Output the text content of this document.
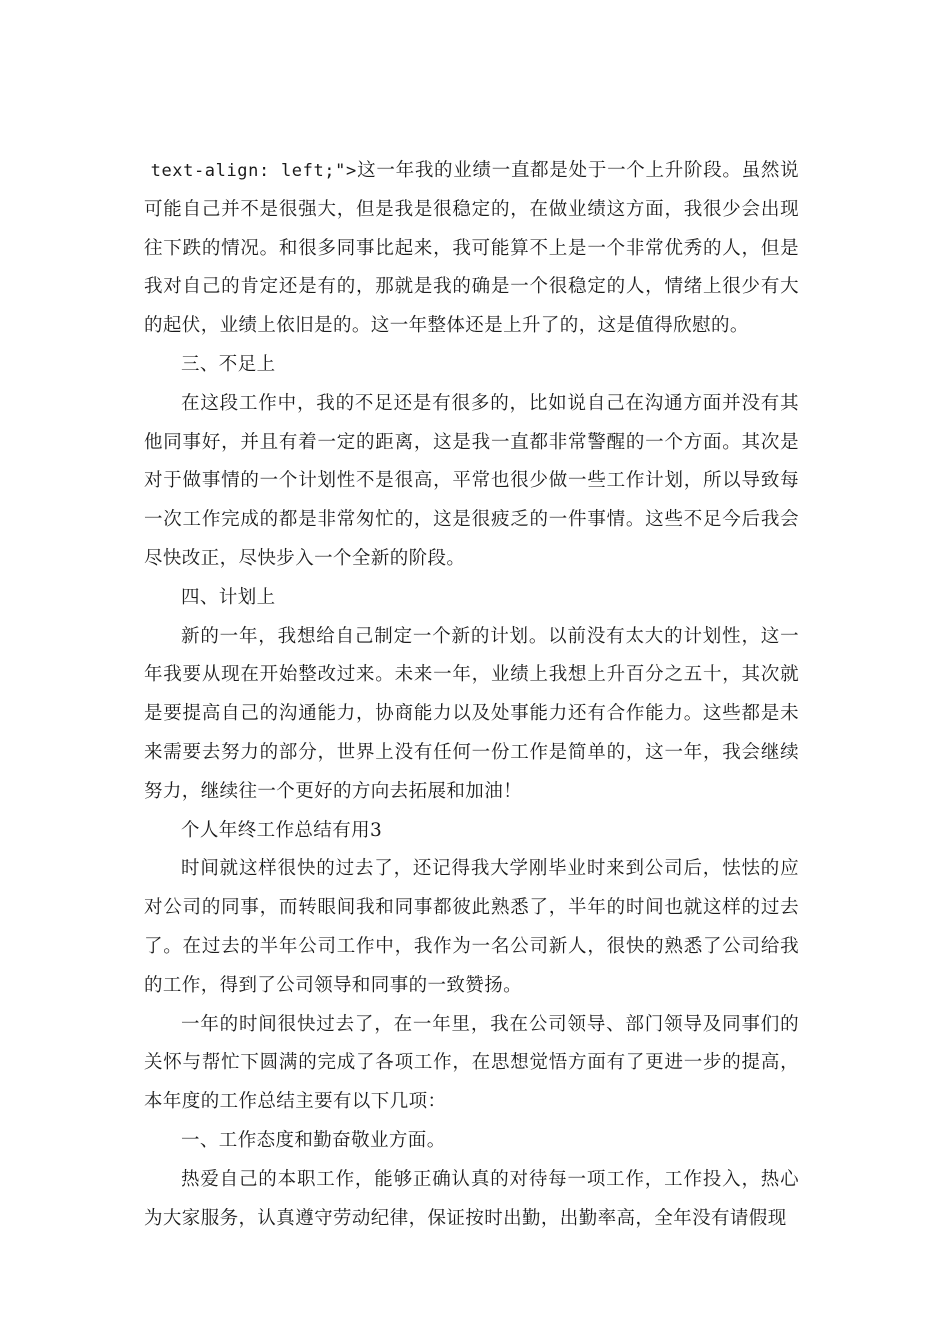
text-align: left;">这一年我的业绩一直都是处于一个上升阶段。虽然说可能自己并不是很强大，但是我是很稳定的，在做业绩这方面，我很少会出现往下跌的情况。和很多同事比起来，我可能算不上是一个非常优秀的人，但是我对自己的肯定还是有的，那就是我的确是一个很稳定的人，情绪上很少有大的起伏，业绩上依旧是的。这一年整体还是上升了的，这是值得欣慰的。

三、不足上

在这段工作中，我的不足还是有很多的，比如说自己在沟通方面并没有其他同事好，并且有着一定的距离，这是我一直都非常警醒的一个方面。其次是对于做事情的一个计划性不是很高，平常也很少做一些工作计划，所以导致每一次工作完成的都是非常匆忙的，这是很疲乏的一件事情。这些不足今后我会尽快改正，尽快步入一个全新的阶段。

四、计划上

新的一年，我想给自己制定一个新的计划。以前没有太大的计划性，这一年我要从现在开始整改过来。未来一年，业绩上我想上升百分之五十，其次就是要提高自己的沟通能力，协商能力以及处事能力还有合作能力。这些都是未来需要去努力的部分，世界上没有任何一份工作是简单的，这一年，我会继续努力，继续往一个更好的方向去拓展和加油！

个人年终工作总结有用3

时间就这样很快的过去了，还记得我大学刚毕业时来到公司后，怯怯的应对公司的同事，而转眼间我和同事都彼此熟悉了，半年的时间也就这样的过去了。在过去的半年公司工作中，我作为一名公司新人，很快的熟悉了公司给我的工作，得到了公司领导和同事的一致赞扬。

一年的时间很快过去了，在一年里，我在公司领导、部门领导及同事们的关怀与帮忙下圆满的完成了各项工作，在思想觉悟方面有了更进一步的提高，本年度的工作总结主要有以下几项：

一、工作态度和勤奋敬业方面。

热爱自己的本职工作，能够正确认真的对待每一项工作，工作投入，热心为大家服务，认真遵守劳动纪律，保证按时出勤，出勤率高，全年没有请假现
